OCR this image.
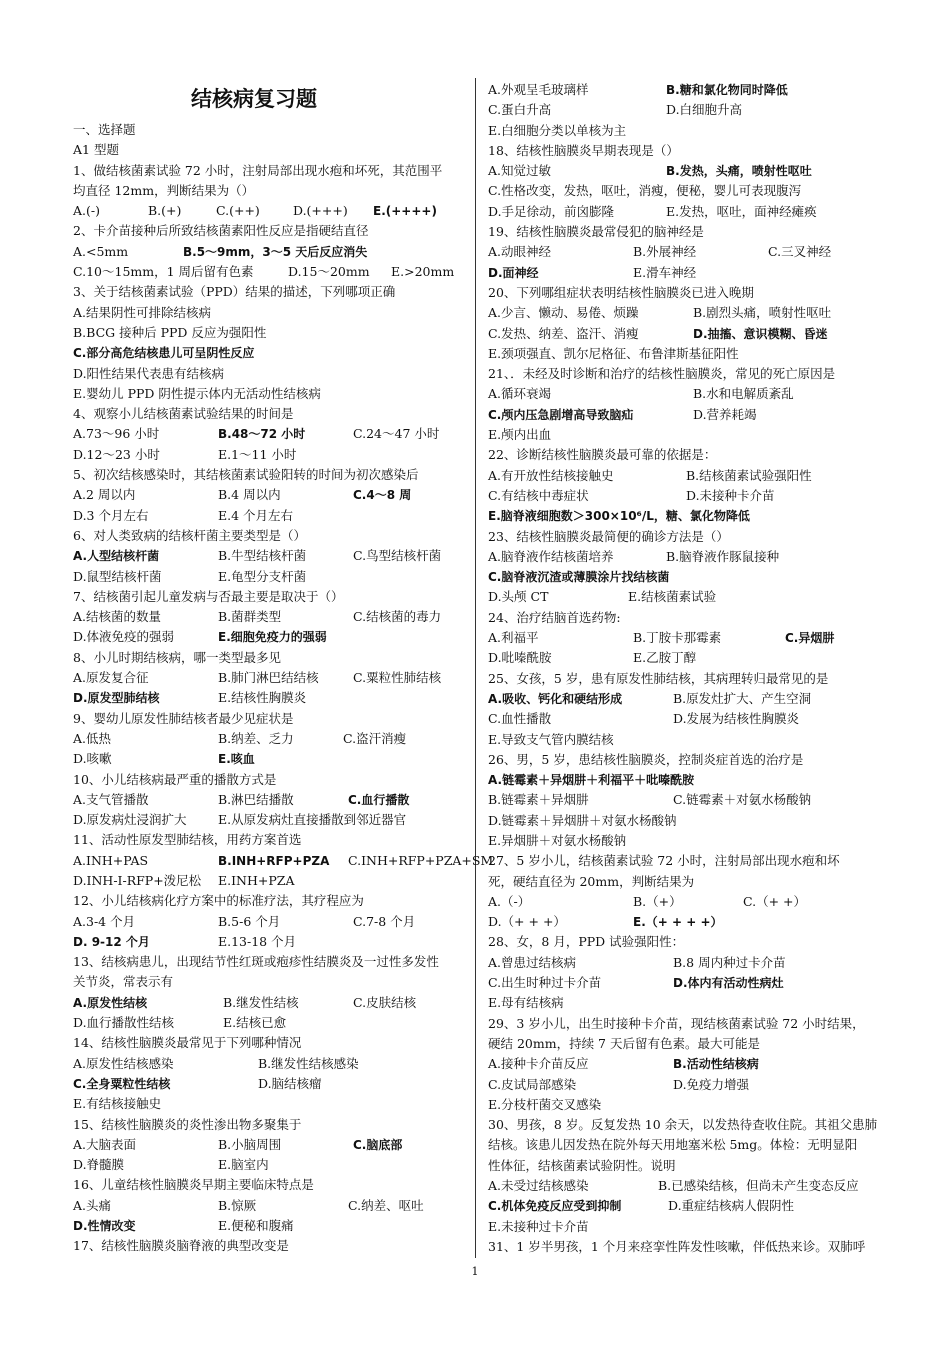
结核病复习题
一、选择题
A1 型题
1、做结核菌素试验 72 小时，注射局部出现水疱和坏死，其范围平
均直径 12mm，判断结果为（）
A.(-)	B.(+)	C.(++)	D.(+++) E.(++++)
2、卡介苗接种后所致结核菌素阳性反应是指硬结直径
A.<5mm	B.5～9mm，3～5 天后反应消失
C.10～15mm，1 周后留有色素	D.15～20mm E.>20mm
3、关于结核菌素试验（PPD）结果的描述，下列哪项正确
A.结果阴性可排除结核病
B.BCG 接种后 PPD 反应为强阳性
C.部分高危结核患儿可呈阴性反应
D.阳性结果代表患有结核病
E.婴幼儿 PPD 阴性提示体内无活动性结核病
4、观察小儿结核菌素试验结果的时间是
A.73～96 小时	B.48～72 小时	C.24～47 小时
D.12～23 小时	E.1～11 小时
5、初次结核感染时，其结核菌素试验阳转的时间为初次感染后
A.2 周以内	B.4 周以内	C.4～8 周
D.3 个月左右	E.4 个月左右
6、对人类致病的结核杆菌主要类型是（）
A.人型结核杆菌	B.牛型结核杆菌	C.鸟型结核杆菌
D.鼠型结核杆菌	E.龟型分支杆菌
7、结核菌引起儿童发病与否最主要是取决于（）
A.结核菌的数量	B.菌群类型	C.结核菌的毒力
D.体液免疫的强弱	E.细胞免疫力的强弱
8、小儿时期结核病，哪一类型最多见
A.原发复合征	B.肺门淋巴结结核	C.粟粒性肺结核
D.原发型肺结核	E.结核性胸膜炎
9、婴幼儿原发性肺结核者最少见症状是
A.低热	B.纳差、乏力	C.盗汗消瘦
D.咳嗽	E.咳血
10、小儿结核病最严重的播散方式是
A.支气管播散	B.淋巴结播散	C.血行播散
D.原发病灶浸润扩大	E.从原发病灶直接播散到邻近器官
11、活动性原发型肺结核，用药方案首选
A.INH+PAS	B.INH+RFP+PZA C.INH+RFP+PZA+SM
D.INH-I-RFP+泼尼松 E.INH+PZA
12、小儿结核病化疗方案中的标准疗法，其疗程应为
A.3-4 个月	B.5-6 个月	C.7-8 个月
D. 9-12 个月	E.13-18 个月
13、结核病患儿，出现结节性红斑或疱疹性结膜炎及一过性多发性
关节炎，常表示有
A.原发性结核	B.继发性结核	C.皮肤结核
D.血行播散性结核	E.结核已愈
14、结核性脑膜炎最常见于下列哪种情况
A.原发性结核感染	B.继发性结核感染
C.全身粟粒性结核	D.脑结核瘤
E.有结核接触史
15、结核性脑膜炎的炎性渗出物多聚集于
A.大脑表面	B.小脑周围	C.脑底部
D.脊髓膜	E.脑室内
16、儿童结核性脑膜炎早期主要临床特点是
A.头痛	B.惊厥	C.纳差、呕吐
D.性情改变	E.便秘和腹痛
17、结核性脑膜炎脑脊液的典型改变是
A.外观呈毛玻璃样	B.糖和氯化物同时降低
C.蛋白升高	D.白细胞升高
E.白细胞分类以单核为主
18、结核性脑膜炎早期表现是（）
A.知觉过敏	B.发热，头痛，喷射性呕吐
C.性格改变，发热，呕吐，消瘦，便秘，婴儿可表现腹泻
D.手足徐动，前囟膨隆	E.发热，呕吐，面神经瘫痪
19、结核性脑膜炎最常侵犯的脑神经是
A.动眼神经	B.外展神经	C.三叉神经
D.面神经	E.滑车神经
20、下列哪组症状表明结核性脑膜炎已进入晚期
A.少言、懒动、易倦、烦躁	B.剧烈头痛，喷射性呕吐
C.发热、纳差、盗汗、消瘦	D.抽搐、意识模糊、昏迷
E.颈项强直、凯尔尼格征、布鲁津斯基征阳性
21、．未经及时诊断和治疗的结核性脑膜炎，常见的死亡原因是
A.循环衰竭	B.水和电解质紊乱
C.颅内压急剧增高导致脑疝	D.营养耗竭
E.颅内出血
22、诊断结核性脑膜炎最可靠的依据是：
A.有开放性结核接触史	B.结核菌素试验强阳性
C.有结核中毒症状	D.未接种卡介苗
E.脑脊液细胞数＞300×10⁶/L，糖、氯化物降低
23、结核性脑膜炎最简便的确诊方法是（）
A.脑脊液作结核菌培养	B.脑脊液作豚鼠接种
C.脑脊液沉渣或薄膜涂片找结核菌
D.头颅 CT	E.结核菌素试验
24、治疗结脑首选药物:
A.利福平	B.丁胺卡那霉素	C.异烟肼
D.吡嗪酰胺	E.乙胺丁醇
25、女孩，5 岁，患有原发性肺结核，其病理转归最常见的是
A.吸收、钙化和硬结形成	B.原发灶扩大、产生空洞
C.血性播散	D.发展为结核性胸膜炎
E.导致支气管内膜结核
26、男，5 岁，患结核性脑膜炎，控制炎症首选的治疗是
A.链霉素＋异烟肼＋利福平＋吡嗪酰胺
B.链霉素＋异烟肼	C.链霉素＋对氨水杨酸钠
D.链霉素＋异烟肼＋对氨水杨酸钠
E.异烟肼＋对氨水杨酸钠
27、5 岁小儿，结核菌素试验 72 小时，注射局部出现水疱和坏
死，硬结直径为 20mm，判断结果为
A.（-）	B.（+）	C.（+ +）
D.（+ + +）	E.（+ + + +）
28、女，8 月，PPD 试验强阳性：
A.曾患过结核病	B.8 周内种过卡介苗
C.出生时种过卡介苗	D.体内有活动性病灶
E.母有结核病
29、3 岁小儿，出生时接种卡介苗，现结核菌素试验 72 小时结果，
硬结 20mm，持续 7 天后留有色素。最大可能是
A.接种卡介苗反应	B.活动性结核病
C.皮试局部感染	D.免疫力增强
E.分枝杆菌交叉感染
30、男孩，8 岁。反复发热 10 余天，以发热待查收住院。其祖父患肺
结核。该患儿因发热在院外每天用地塞米松 5mg。体检：无明显阳
性体征，结核菌素试验阴性。说明
A.未受过结核感染	B.已感染结核，但尚未产生变态反应
C.机体免疫反应受到抑制	D.重症结核病人假阴性
E.未接种过卡介苗
31、1 岁半男孩，1 个月来痉挛性阵发性咳嗽，伴低热来诊。双肺呼
1
